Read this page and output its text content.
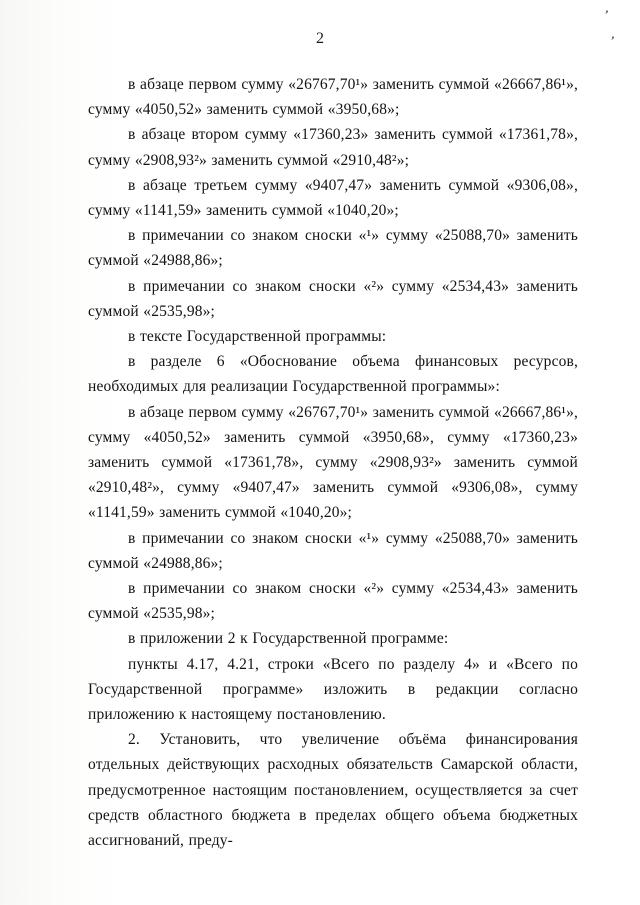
2
’
’

в абзаце первом сумму «26767,70¹» заменить суммой «26667,86¹», сумму «4050,52» заменить суммой «3950,68»;

в абзаце втором сумму «17360,23» заменить суммой «17361,78», сумму «2908,93²» заменить суммой «2910,48²»;

в абзаце третьем сумму «9407,47» заменить суммой «9306,08», сумму «1141,59» заменить суммой «1040,20»;

в примечании со знаком сноски «¹» сумму «25088,70» заменить суммой «24988,86»;

в примечании со знаком сноски «²» сумму «2534,43» заменить суммой «2535,98»;

в тексте Государственной программы:

в разделе 6 «Обоснование объема финансовых ресурсов, необходимых для реализации Государственной программы»:

в абзаце первом сумму «26767,70¹» заменить суммой «26667,86¹», сумму «4050,52» заменить суммой «3950,68», сумму «17360,23» заменить суммой «17361,78», сумму «2908,93²» заменить суммой «2910,48²», сумму «9407,47» заменить суммой «9306,08», сумму «1141,59» заменить суммой «1040,20»;

в примечании со знаком сноски «¹» сумму «25088,70» заменить суммой «24988,86»;

в примечании со знаком сноски «²» сумму «2534,43» заменить суммой «2535,98»;

в приложении 2 к Государственной программе:

пункты 4.17, 4.21, строки «Всего по разделу 4» и «Всего по Государственной программе» изложить в редакции согласно приложению к настоящему постановлению.

2. Установить, что увеличение объёма финансирования отдельных действующих расходных обязательств Самарской области, предусмотренное настоящим постановлением, осуществляется за счет средств областного бюджета в пределах общего объема бюджетных ассигнований, преду-
